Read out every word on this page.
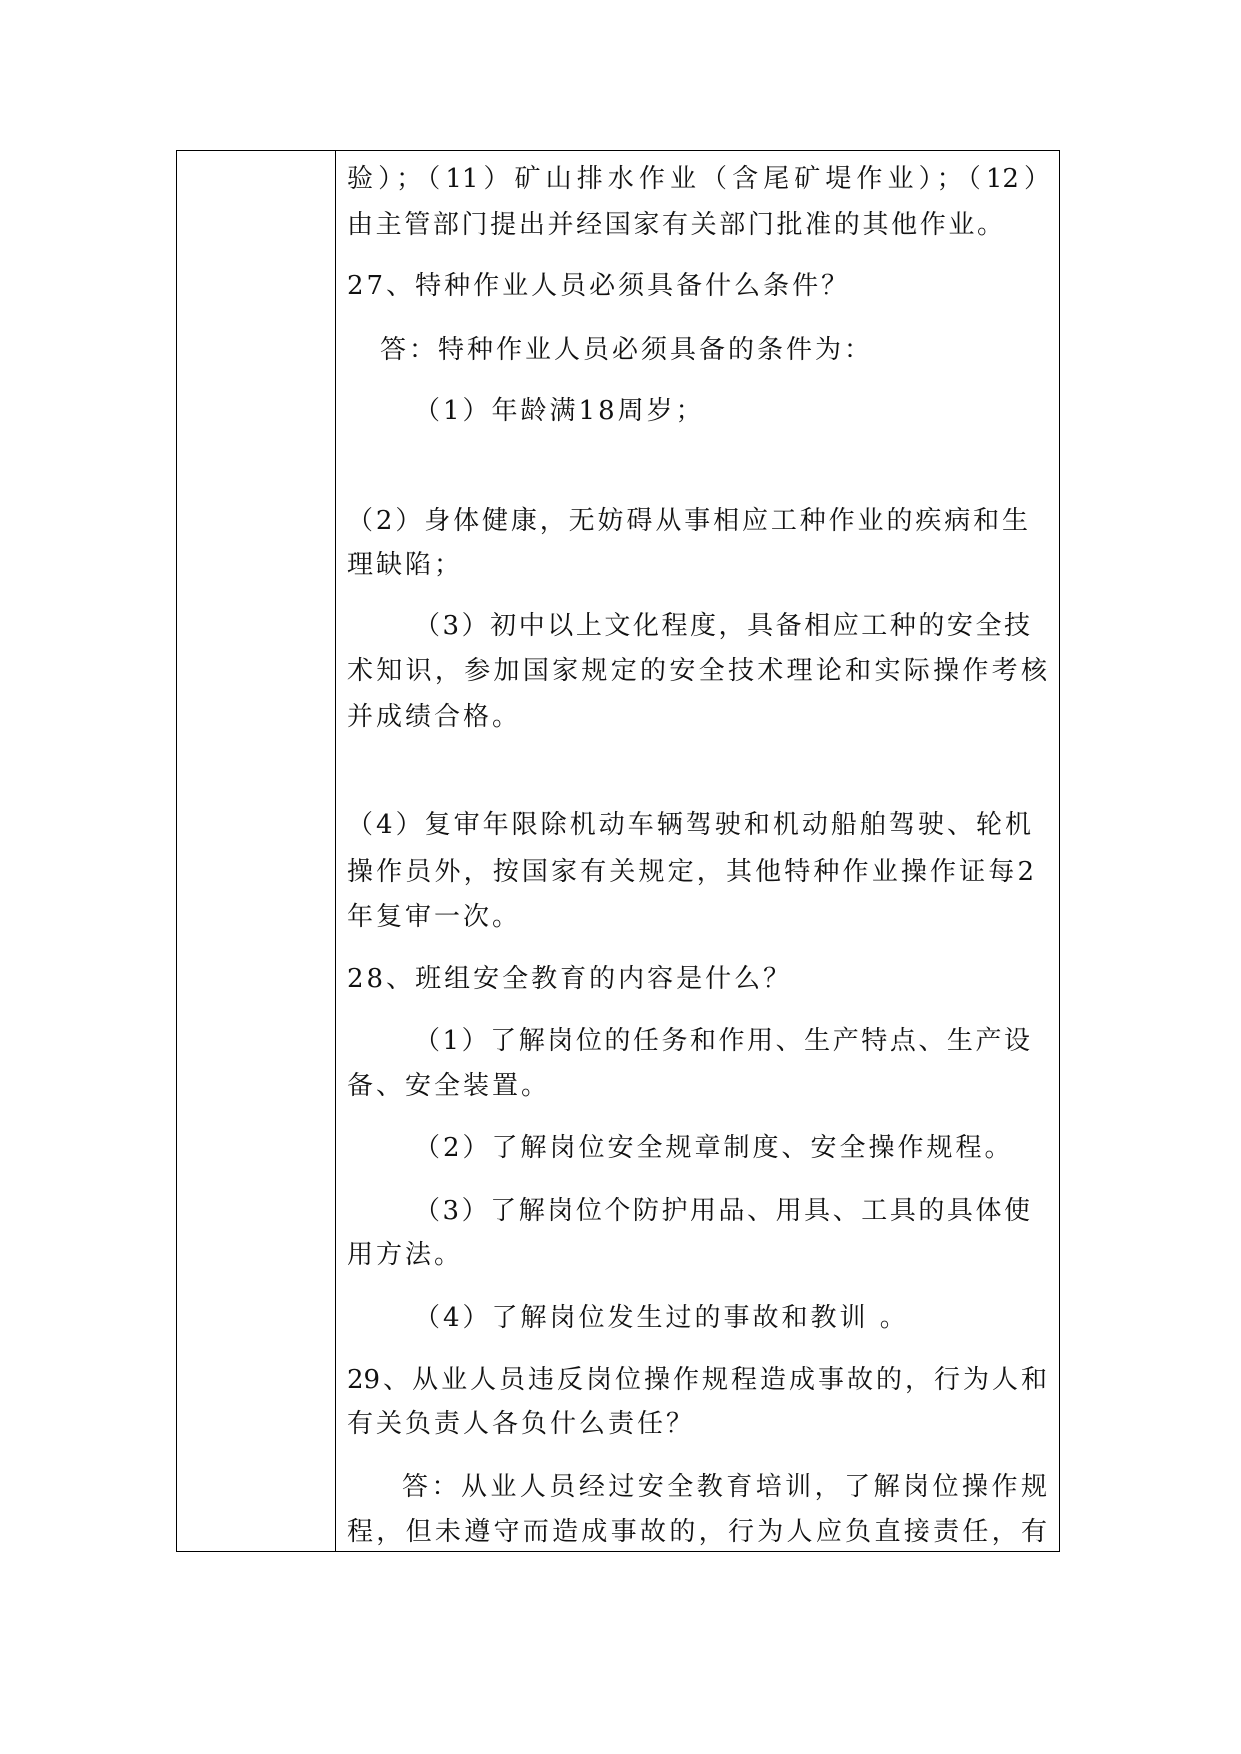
验）；（11）矿山排水作业（含尾矿堤作业）；（12）
由主管部门提出并经国家有关部门批准的其他作业。
27、特种作业人员必须具备什么条件？
答：特种作业人员必须具备的条件为：
（1）年龄满18周岁；
（2）身体健康，无妨碍从事相应工种作业的疾病和生
理缺陷；
（3）初中以上文化程度，具备相应工种的安全技
术知识，参加国家规定的安全技术理论和实际操作考核
并成绩合格。
（4）复审年限除机动车辆驾驶和机动船舶驾驶、轮机
操作员外，按国家有关规定，其他特种作业操作证每2
年复审一次。
28、班组安全教育的内容是什么？
（1）了解岗位的任务和作用、生产特点、生产设
备、安全装置。
（2）了解岗位安全规章制度、安全操作规程。
（3）了解岗位个防护用品、用具、工具的具体使
用方法。
（4）了解岗位发生过的事故和教训 。
29、从业人员违反岗位操作规程造成事故的，行为人和
有关负责人各负什么责任？
答：从业人员经过安全教育培训，了解岗位操作规
程，但未遵守而造成事故的，行为人应负直接责任，有
